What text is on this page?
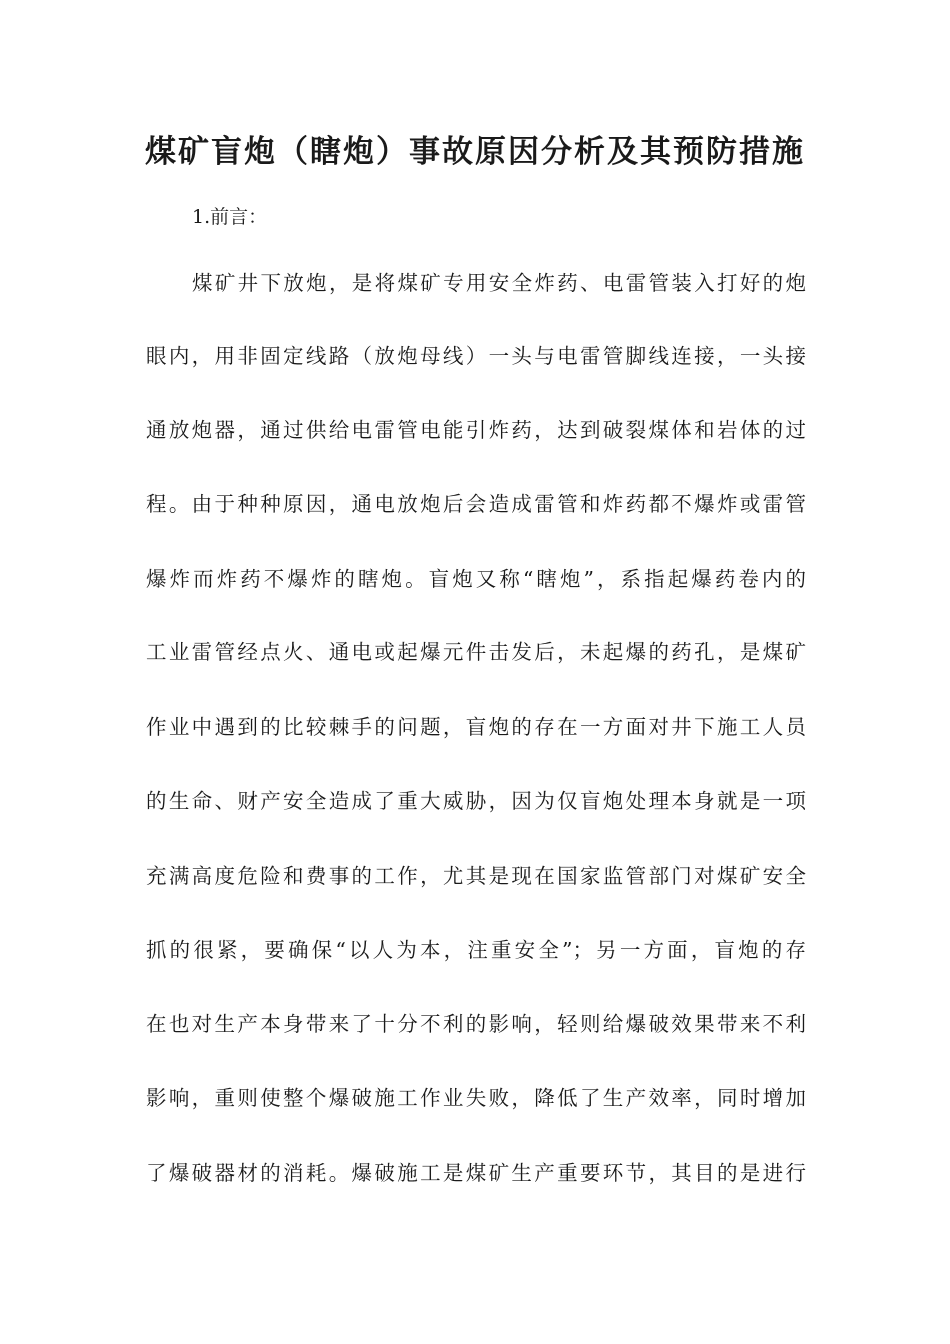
煤矿盲炮（瞎炮）事故原因分析及其预防措施

1.前言：

煤矿井下放炮，是将煤矿专用安全炸药、电雷管装入打好的炮

眼内，用非固定线路（放炮母线）一头与电雷管脚线连接，一头接

通放炮器，通过供给电雷管电能引炸药，达到破裂煤体和岩体的过

程。由于种种原因，通电放炮后会造成雷管和炸药都不爆炸或雷管

爆炸而炸药不爆炸的瞎炮。盲炮又称“瞎炮”，系指起爆药卷内的

工业雷管经点火、通电或起爆元件击发后，未起爆的药孔，是煤矿

作业中遇到的比较棘手的问题，盲炮的存在一方面对井下施工人员

的生命、财产安全造成了重大威胁，因为仅盲炮处理本身就是一项

充满高度危险和费事的工作，尤其是现在国家监管部门对煤矿安全

抓的很紧，要确保“以人为本，注重安全”；另一方面，盲炮的存

在也对生产本身带来了十分不利的影响，轻则给爆破效果带来不利

影响，重则使整个爆破施工作业失败，降低了生产效率，同时增加

了爆破器材的消耗。爆破施工是煤矿生产重要环节，其目的是进行
